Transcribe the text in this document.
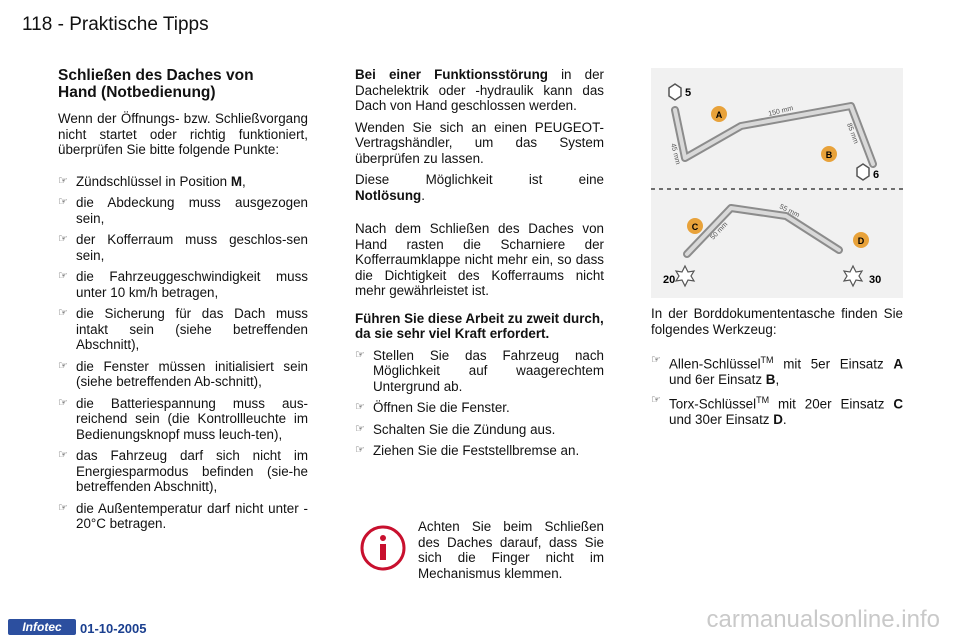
118 - Praktische Tipps
Schließen des Daches von Hand (Notbedienung)

Wenn der Öffnungs- bzw. Schließvorgang nicht startet oder richtig funktioniert, überprüfen Sie bitte folgende Punkte:

☞ Zündschlüssel in Position M,
☞ die Abdeckung muss ausgezogen sein,
☞ der Kofferraum muss geschlos-sen sein,
☞ die Fahrzeuggeschwindigkeit muss unter 10 km/h betragen,
☞ die Sicherung für das Dach muss intakt sein (siehe betreffenden Abschnitt),
☞ die Fenster müssen initialisiert sein (siehe betreffenden Ab-schnitt),
☞ die Batteriespannung muss aus-reichend sein (die Kontrollleuchte im Bedienungsknopf muss leuch-ten),
☞ das Fahrzeug darf sich nicht im Energiesparmodus befinden (sie-he betreffenden Abschnitt),
☞ die Außentemperatur darf nicht unter - 20°C betragen.

Bei einer Funktionsstörung in der Dachelektrik oder -hydraulik kann das Dach von Hand geschlossen werden.

Wenden Sie sich an einen PEUGEOT-Vertragshändler, um das System überprüfen zu lassen.

Diese Möglichkeit ist eine

Notlösung.

Nach dem Schließen des Daches von Hand rasten die Scharniere der Kofferraumklappe nicht mehr ein, so dass die Dichtigkeit des Kofferraums nicht mehr gewährleistet ist.

Führen Sie diese Arbeit zu zweit durch, da sie sehr viel Kraft erfordert.

☞ Stellen Sie das Fahrzeug nach Möglichkeit auf waagerechtem Untergrund ab.
☞ Öffnen Sie die Fenster.
☞ Schalten Sie die Zündung aus.
☞ Ziehen Sie die Feststellbremse an.
Achten Sie beim Schließen des Daches darauf, dass Sie sich die Finger nicht im Mechanismus klemmen.
A
B
C
D
5
6
20	30
150 mm
85 mm
45 mm
55 mm
50 mm

In der Borddokumententasche finden Sie folgendes Werkzeug:

☞ Allen-Schlüssel™ mit 5er Einsatz A und 6er Einsatz B,
☞ Torx-Schlüssel™ mit 20er Einsatz C und 30er Einsatz D.
Infotec	01-10-2005	carmanualsonline.info
